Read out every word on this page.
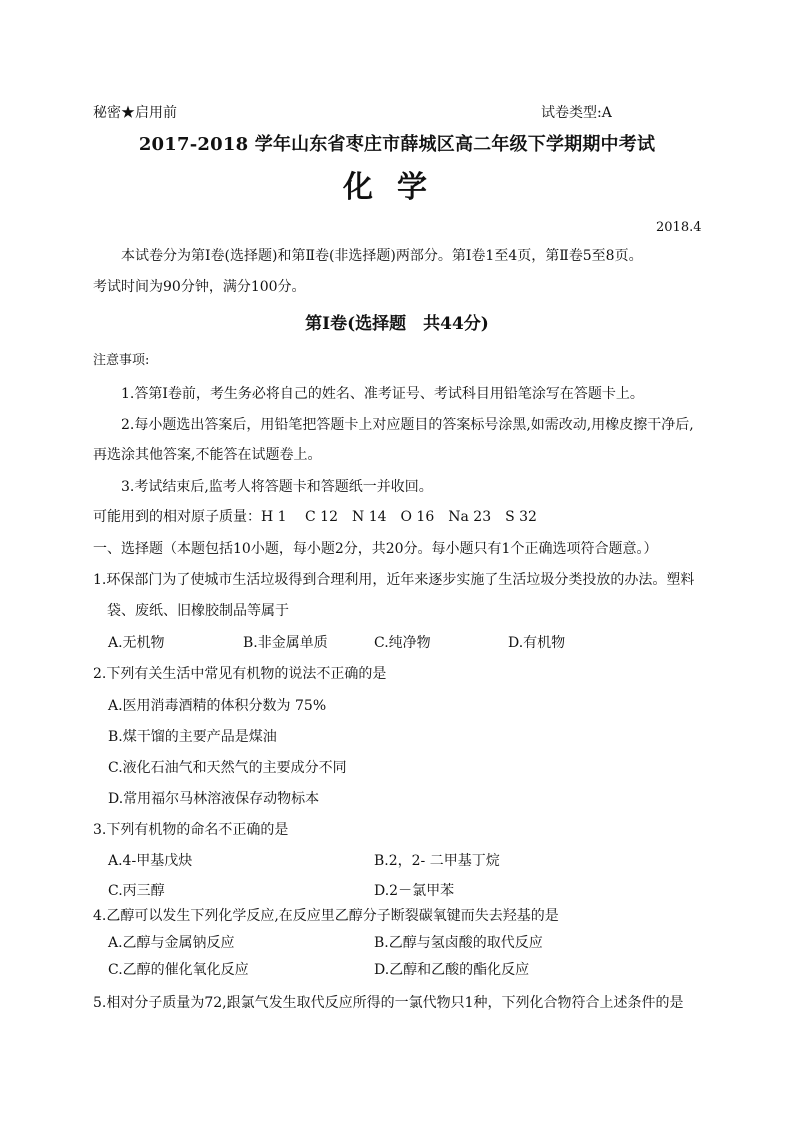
秘密★启用前	试卷类型:A
2017-2018 学年山东省枣庄市薛城区高二年级下学期期中考试
化学
2018.4
本试卷分为第Ⅰ卷(选择题)和第Ⅱ卷(非选择题)两部分。第Ⅰ卷1至4页，第Ⅱ卷5至8页。
考试时间为90分钟，满分100分。
第Ⅰ卷(选择题　共44分)
注意事项:
1.答第Ⅰ卷前，考生务必将自己的姓名、准考证号、考试科目用铅笔涂写在答题卡上。
2.每小题选出答案后，用铅笔把答题卡上对应题目的答案标号涂黑,如需改动,用橡皮擦干净后,
再选涂其他答案,不能答在试题卷上。
3.考试结束后,监考人将答题卡和答题纸一并收回。
可能用到的相对原子质量：H 1　 C 12　N 14　O 16　Na 23　S 32
一、选择题（本题包括10小题，每小题2分，共20分。每小题只有1个正确选项符合题意。）
1.环保部门为了使城市生活垃圾得到合理利用，近年来逐步实施了生活垃圾分类投放的办法。塑料
袋、废纸、旧橡胶制品等属于
A.无机物	B.非金属单质	C.纯净物	D.有机物
2.下列有关生活中常见有机物的说法不正确的是
A.医用消毒酒精的体积分数为 75%
B.煤干馏的主要产品是煤油
C.液化石油气和天然气的主要成分不同
D.常用福尔马林溶液保存动物标本
3.下列有机物的命名不正确的是
A.4-甲基戊炔	B.2，2- 二甲基丁烷
C.丙三醇	D.2－氯甲苯
4.乙醇可以发生下列化学反应,在反应里乙醇分子断裂碳氧键而失去羟基的是
A.乙醇与金属钠反应	B.乙醇与氢卤酸的取代反应
C.乙醇的催化氧化反应	D.乙醇和乙酸的酯化反应
5.相对分子质量为72,跟氯气发生取代反应所得的一氯代物只1种，下列化合物符合上述条件的是
